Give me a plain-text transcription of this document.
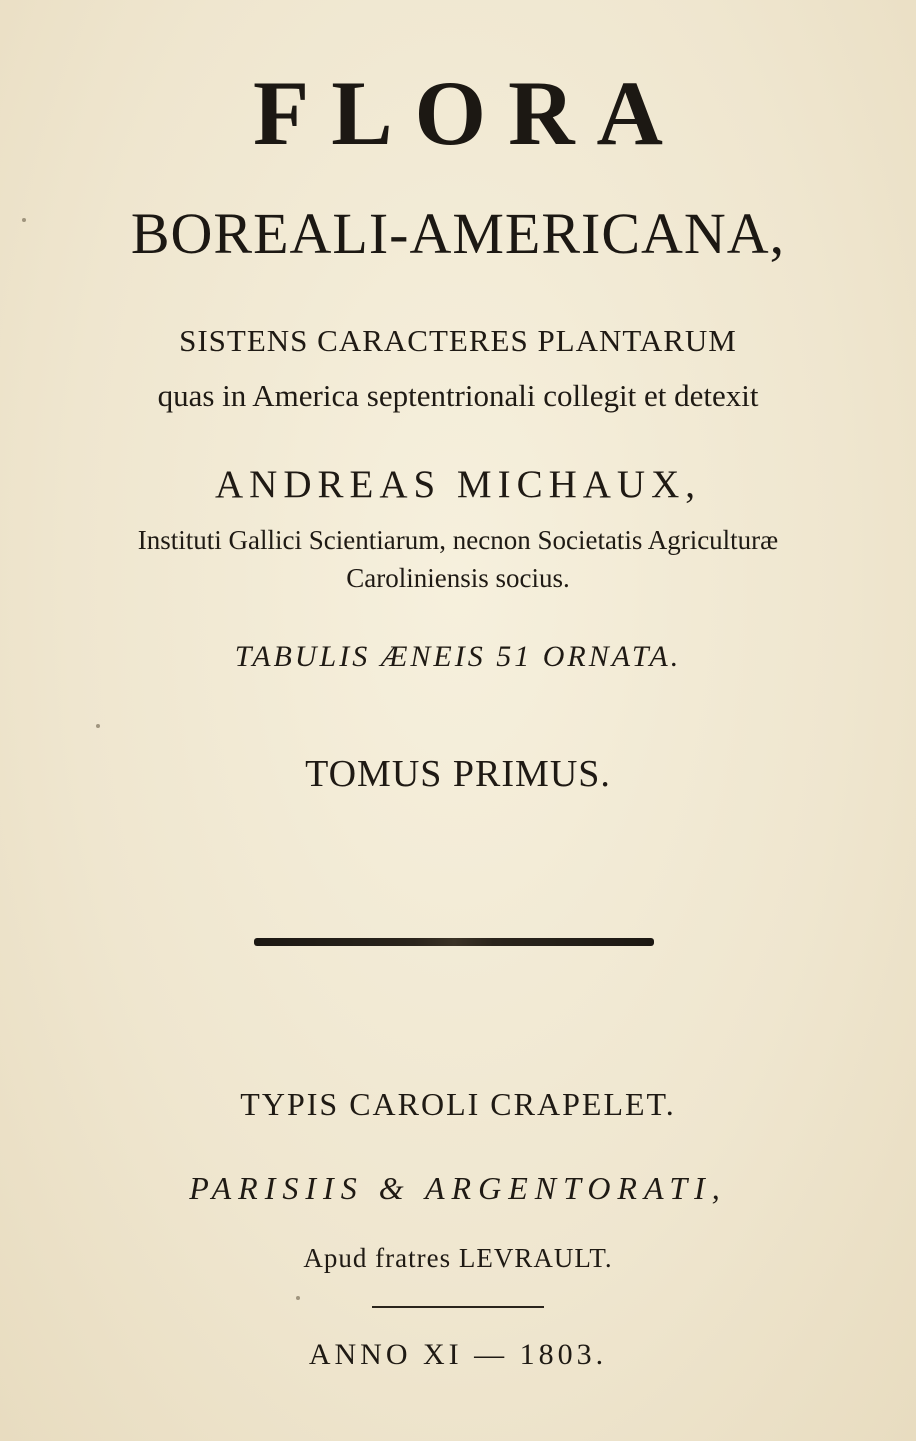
FLORA
BOREALI-AMERICANA,
SISTENS CARACTERES PLANTARUM
quas in America septentrionali collegit et detexit
ANDREAS MICHAUX,
Instituti Gallici Scientiarum, necnon Societatis Agriculturæ
Caroliniensis socius.
TABULIS ÆNEIS 51 ORNATA.
TOMUS PRIMUS.
TYPIS CAROLI CRAPELET.
PARISIIS & ARGENTORATI,
Apud fratres LEVRAULT.
ANNO XI — 1803.
